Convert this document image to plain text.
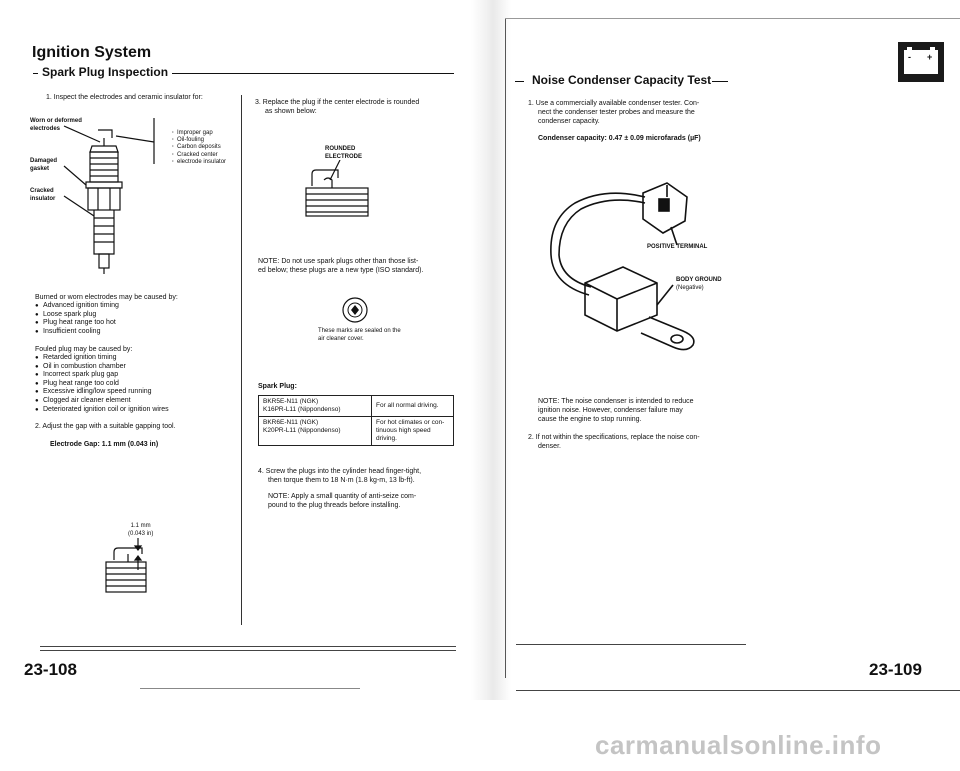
Ignition System
Spark Plug Inspection
1. Inspect the electrodes and ceramic insulator for:
Worn or deformed
electrodes
Damaged
gasket
Cracked
insulator
· Improper gap
· Oil-fouling
· Carbon deposits
· Cracked center
· electrode insulator
Burned or worn electrodes may be caused by:
● Advanced ignition timing
● Loose spark plug
● Plug heat range too hot
● Insufficient cooling
Fouled plug may be caused by:
● Retarded ignition timing
● Oil in combustion chamber
● Incorrect spark plug gap
● Plug heat range too cold
● Excessive idling/low speed running
● Clogged air cleaner element
● Deteriorated ignition coil or ignition wires
2. Adjust the gap with a suitable gapping tool.
Electrode Gap: 1.1 mm (0.043 in)
1.1 mm
(0.043 in)
3. Replace the plug if the center electrode is rounded
as shown below:
ROUNDED
ELECTRODE
NOTE: Do not use spark plugs other than those list-
ed below; these plugs are a new type (ISO standard).
These marks are sealed on the
air cleaner cover.
Spark Plug:
BKR5E-N11 (NGK)
K16PR-L11 (Nippondenso)	For all normal driving.

BKR6E-N11 (NGK)
K20PR-L11 (Nippondenso)	For hot climates or con-tinuous high speed driving.
4. Screw the plugs into the cylinder head finger-tight,
then torque them to 18 N·m (1.8 kg-m, 13 lb-ft).
NOTE: Apply a small quantity of anti-seize com-
pound to the plug threads before installing.
23-108
- +
Noise Condenser Capacity Test
1. Use a commercially available condenser tester. Con-
nect the condenser tester probes and measure the
condenser capacity.
Condenser capacity: 0.47 ± 0.09 microfarads (µF)
POSITIVE TERMINAL
BODY GROUND
(Negative)
NOTE: The noise condenser is intended to reduce
ignition noise. However, condenser failure may
cause the engine to stop running.
2. If not within the specifications, replace the noise con-
denser.
23-109
carmanualsonline.info
